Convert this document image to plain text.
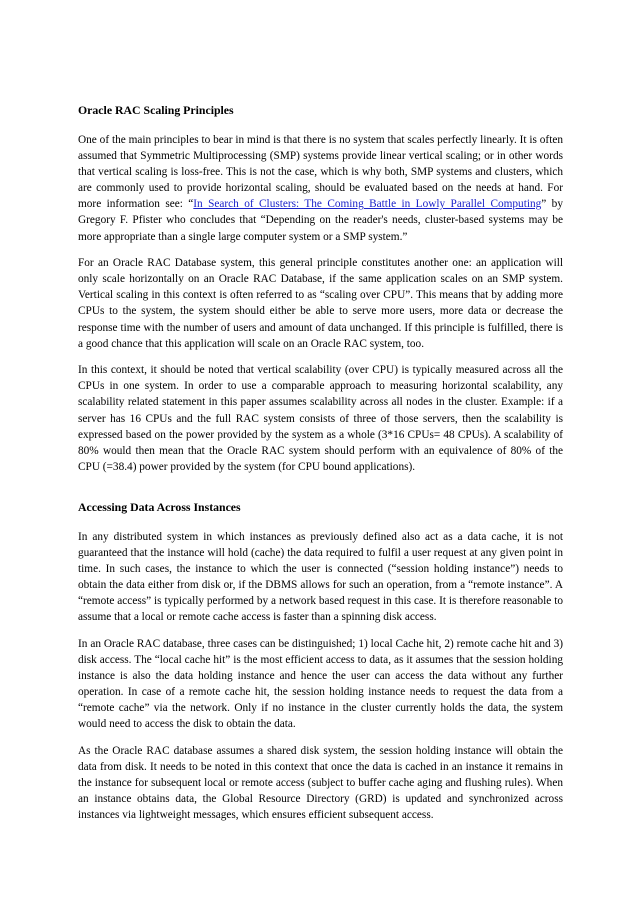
Oracle RAC Scaling Principles

One of the main principles to bear in mind is that there is no system that scales perfectly linearly. It is often assumed that Symmetric Multiprocessing (SMP) systems provide linear vertical scaling; or in other words that vertical scaling is loss-free. This is not the case, which is why both, SMP systems and clusters, which are commonly used to provide horizontal scaling, should be evaluated based on the needs at hand. For more information see: “In Search of Clusters: The Coming Battle in Lowly Parallel Computing” by Gregory F. Pfister who concludes that “Depending on the reader's needs, cluster-based systems may be more appropriate than a single large computer system or a SMP system.”

For an Oracle RAC Database system, this general principle constitutes another one: an application will only scale horizontally on an Oracle RAC Database, if the same application scales on an SMP system. Vertical scaling in this context is often referred to as “scaling over CPU”. This means that by adding more CPUs to the system, the system should either be able to serve more users, more data or decrease the response time with the number of users and amount of data unchanged. If this principle is fulfilled, there is a good chance that this application will scale on an Oracle RAC system, too.

In this context, it should be noted that vertical scalability (over CPU) is typically measured across all the CPUs in one system. In order to use a comparable approach to measuring horizontal scalability, any scalability related statement in this paper assumes scalability across all nodes in the cluster. Example: if a server has 16 CPUs and the full RAC system consists of three of those servers, then the scalability is expressed based on the power provided by the system as a whole (3*16 CPUs= 48 CPUs). A scalability of 80% would then mean that the Oracle RAC system should perform with an equivalence of 80% of the CPU (=38.4) power provided by the system (for CPU bound applications).

Accessing Data Across Instances

In any distributed system in which instances as previously defined also act as a data cache, it is not guaranteed that the instance will hold (cache) the data required to fulfil a user request at any given point in time. In such cases, the instance to which the user is connected (“session holding instance”) needs to obtain the data either from disk or, if the DBMS allows for such an operation, from a “remote instance”. A “remote access” is typically performed by a network based request in this case. It is therefore reasonable to assume that a local or remote cache access is faster than a spinning disk access.

In an Oracle RAC database, three cases can be distinguished; 1) local Cache hit, 2) remote cache hit and 3) disk access. The “local cache hit” is the most efficient access to data, as it assumes that the session holding instance is also the data holding instance and hence the user can access the data without any further operation. In case of a remote cache hit, the session holding instance needs to request the data from a “remote cache” via the network. Only if no instance in the cluster currently holds the data, the system would need to access the disk to obtain the data.

As the Oracle RAC database assumes a shared disk system, the session holding instance will obtain the data from disk. It needs to be noted in this context that once the data is cached in an instance it remains in the instance for subsequent local or remote access (subject to buffer cache aging and flushing rules). When an instance obtains data, the Global Resource Directory (GRD) is updated and synchronized across instances via lightweight messages, which ensures efficient subsequent access.
